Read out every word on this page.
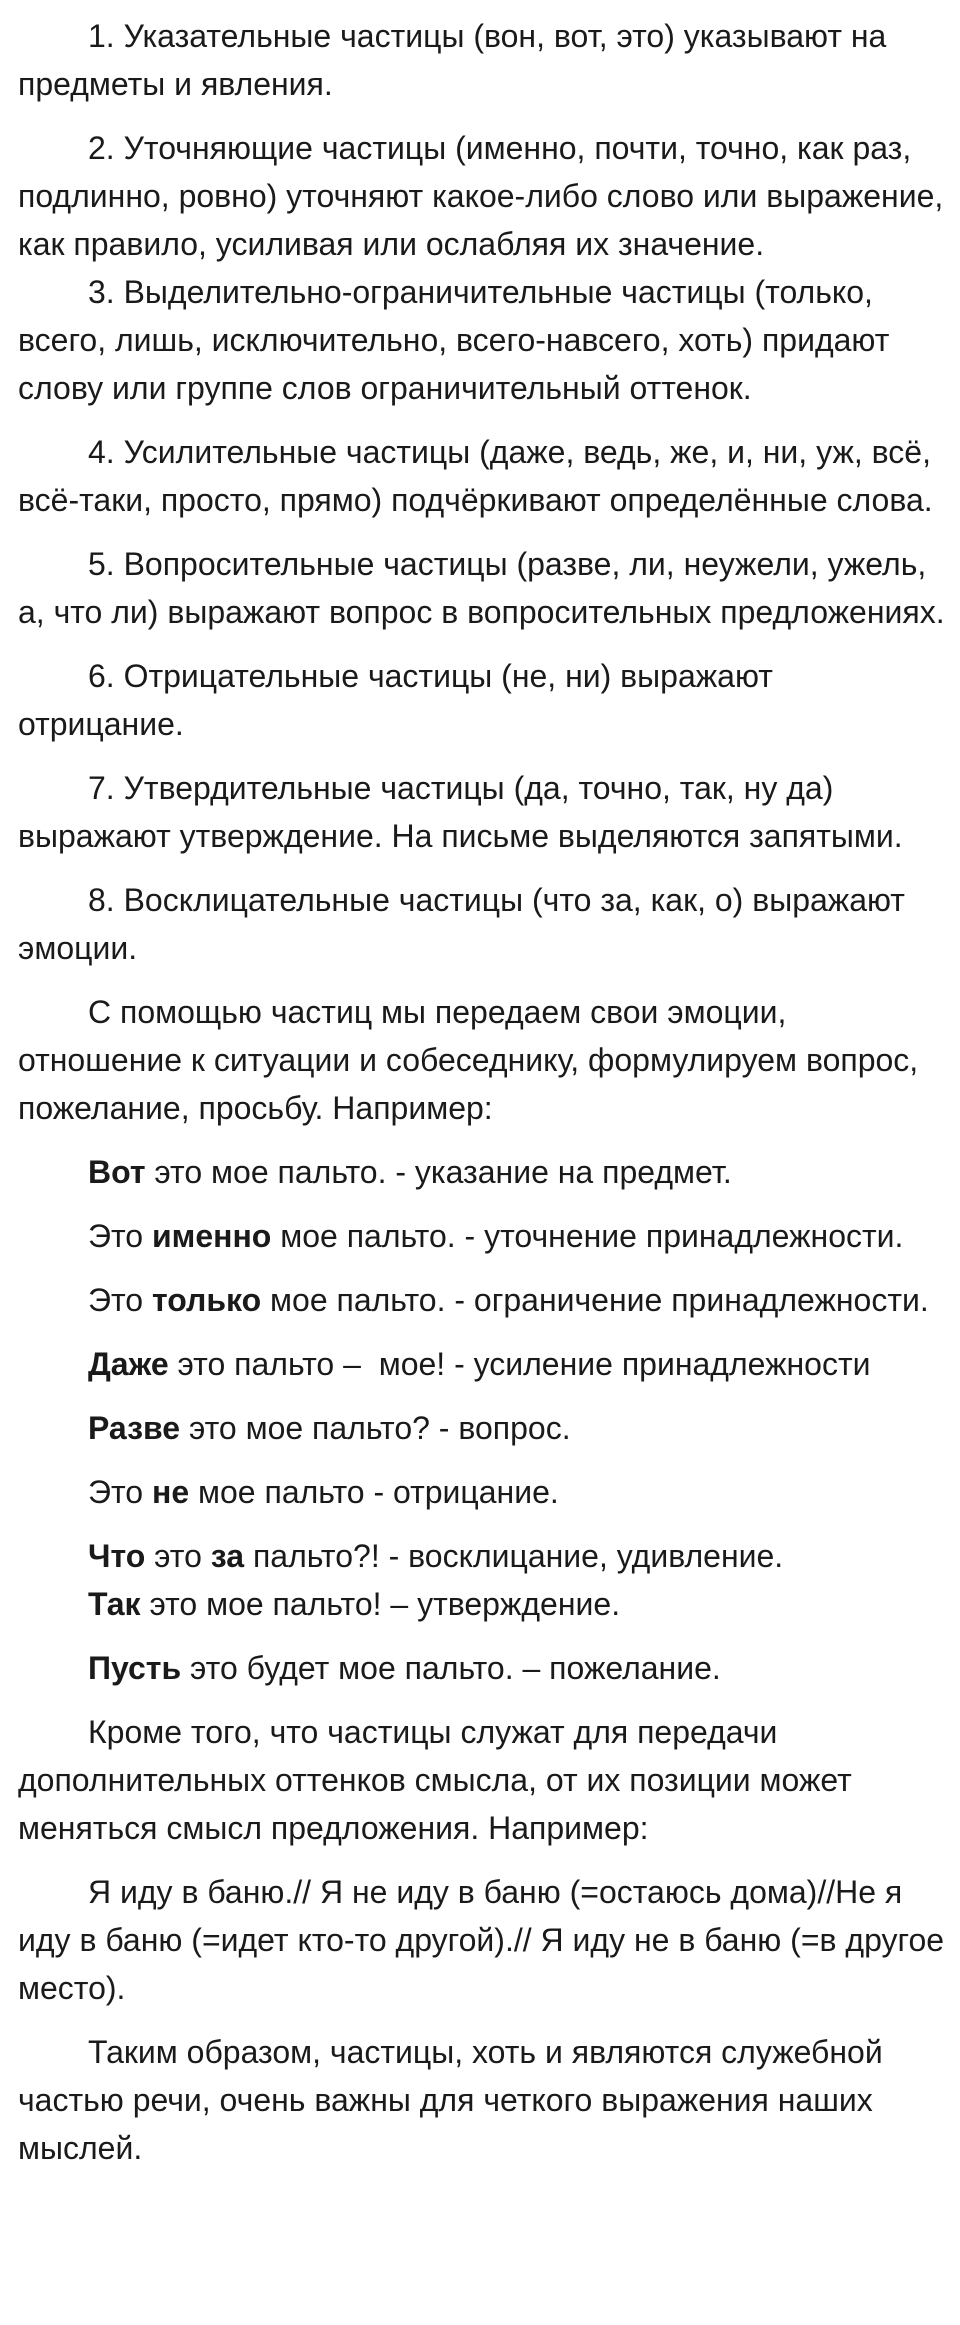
1. Указательные частицы (вон, вот, это) указывают на предметы и явления.

2. Уточняющие частицы (именно, почти, точно, как раз, подлинно, ровно) уточняют какое-либо слово или выражение, как правило, усиливая или ослабляя их значение.

3. Выделительно-ограничительные частицы (только, всего, лишь, исключительно, всего-навсего, хоть) придают слову или группе слов ограничительный оттенок.

4. Усилительные частицы (даже, ведь, же, и, ни, уж, всё, всё-таки, просто, прямо) подчёркивают определённые слова.

5. Вопросительные частицы (разве, ли, неужели, ужель, а, что ли) выражают вопрос в вопросительных предложениях.

6. Отрицательные частицы (не, ни) выражают отрицание.

7. Утвердительные частицы (да, точно, так, ну да) выражают утверждение. На письме выделяются запятыми.

8. Восклицательные частицы (что за, как, о) выражают эмоции.

С помощью частиц мы передаем свои эмоции, отношение к ситуации и собеседнику, формулируем вопрос, пожелание, просьбу. Например:

Вот это мое пальто. - указание на предмет.

Это именно мое пальто. - уточнение принадлежности.

Это только мое пальто. - ограничение принадлежности.

Даже это пальто –  мое! - усиление принадлежности

Разве это мое пальто? - вопрос.

Это не мое пальто - отрицание.

Что это за пальто?! - восклицание, удивление.

Так это мое пальто! – утверждение.

Пусть это будет мое пальто. – пожелание.

Кроме того, что частицы служат для передачи дополнительных оттенков смысла, от их позиции может меняться смысл предложения. Например:

Я иду в баню.// Я не иду в баню (=остаюсь дома)//Не я иду в баню (=идет кто-то другой).// Я иду не в баню (=в другое место).

Таким образом, частицы, хоть и являются служебной частью речи, очень важны для четкого выражения наших мыслей.
